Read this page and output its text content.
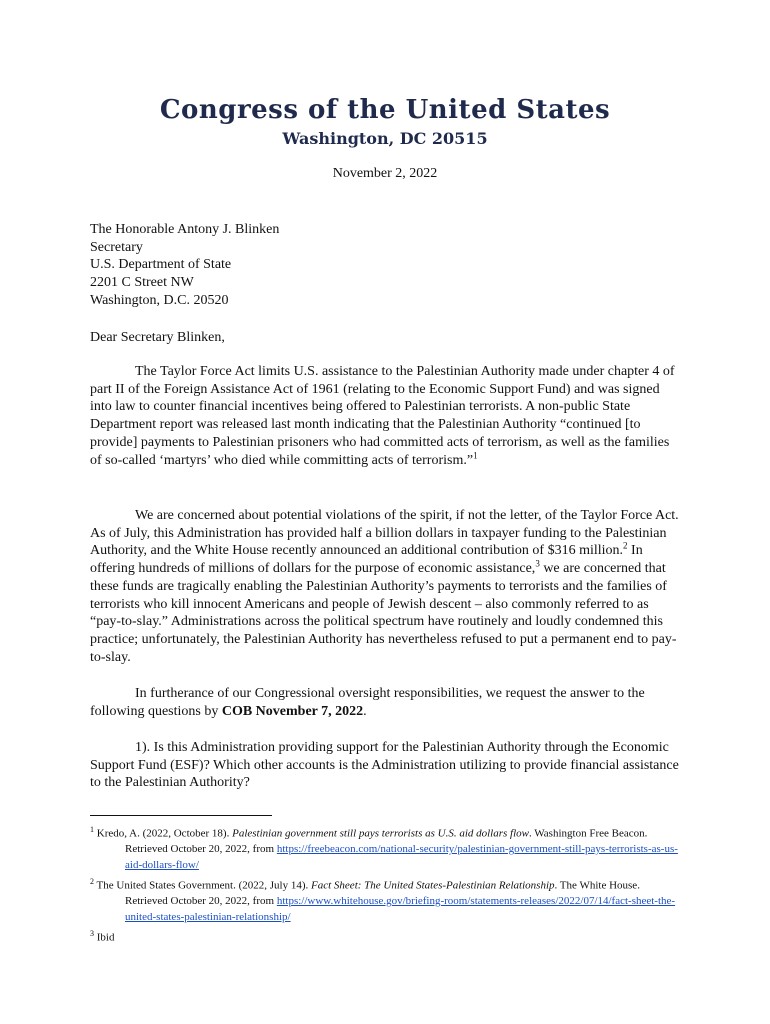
Congress of the United States
Washington, DC 20515
November 2, 2022
The Honorable Antony J. Blinken
Secretary
U.S. Department of State
2201 C Street NW
Washington, D.C. 20520
Dear Secretary Blinken,

The Taylor Force Act limits U.S. assistance to the Palestinian Authority made under chapter 4 of part II of the Foreign Assistance Act of 1961 (relating to the Economic Support Fund) and was signed into law to counter financial incentives being offered to Palestinian terrorists. A non-public State Department report was released last month indicating that the Palestinian Authority “continued [to provide] payments to Palestinian prisoners who had committed acts of terrorism, as well as the families of so-called ‘martyrs’ who died while committing acts of terrorism.”$^1$

We are concerned about potential violations of the spirit, if not the letter, of the Taylor Force Act. As of July, this Administration has provided half a billion dollars in taxpayer funding to the Palestinian Authority, and the White House recently announced an additional contribution of $316 million.$^2$ In offering hundreds of millions of dollars for the purpose of economic assistance,$^3$ we are concerned that these funds are tragically enabling the Palestinian Authority’s payments to terrorists and the families of terrorists who kill innocent Americans and people of Jewish descent – also commonly referred to as “pay-to-slay.” Administrations across the political spectrum have routinely and loudly condemned this practice; unfortunately, the Palestinian Authority has nevertheless refused to put a permanent end to pay-to-slay.

In furtherance of our Congressional oversight responsibilities, we request the answer to the following questions by COB November 7, 2022.

1). Is this Administration providing support for the Palestinian Authority through the Economic Support Fund (ESF)? Which other accounts is the Administration utilizing to provide financial assistance to the Palestinian Authority?

$^1$ Kredo, A. (2022, October 18). Palestinian government still pays terrorists as U.S. aid dollars flow. Washington Free Beacon. Retrieved October 20, 2022, from https://freebeacon.com/national-security/palestinian-government-still-pays-terrorists-as-us-aid-dollars-flow/

$^2$ The United States Government. (2022, July 14). Fact Sheet: The United States-Palestinian Relationship. The White House. Retrieved October 20, 2022, from https://www.whitehouse.gov/briefing-room/statements-releases/2022/07/14/fact-sheet-the-united-states-palestinian-relationship/

$^3$ Ibid
